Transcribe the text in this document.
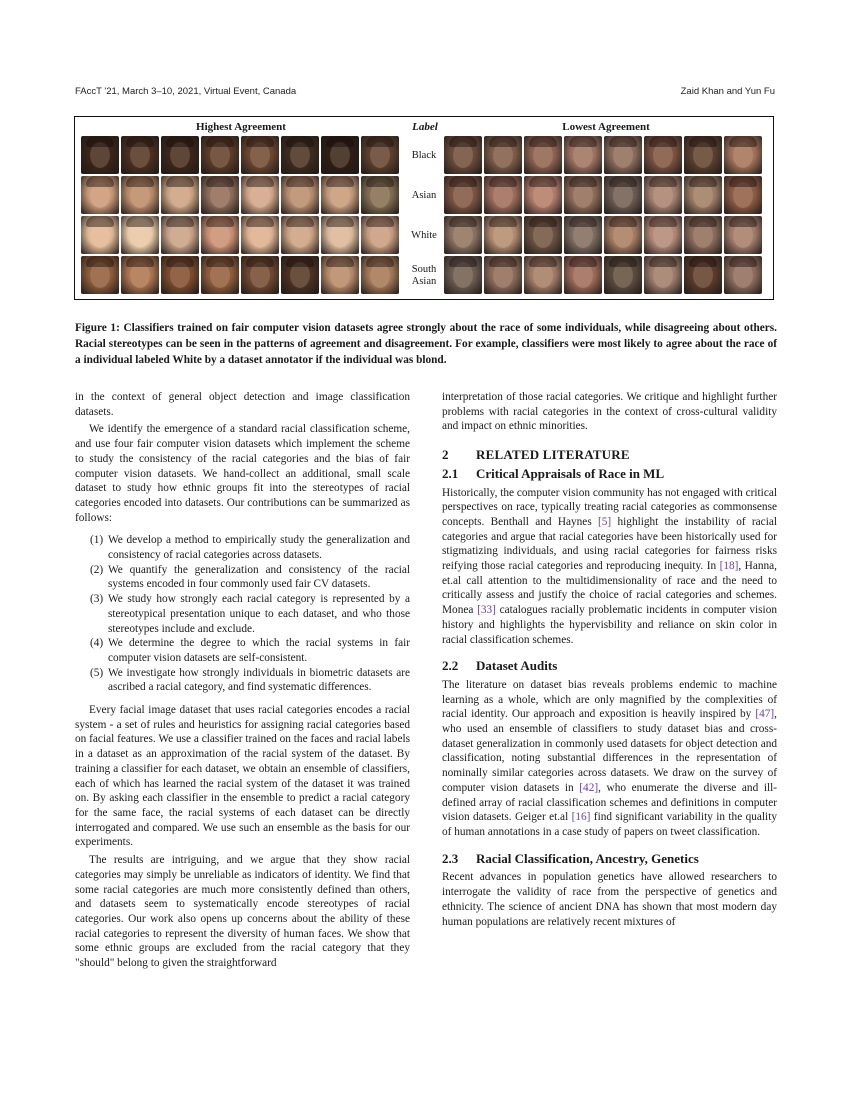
FAccT '21, March 3–10, 2021, Virtual Event, Canada	Zaid Khan and Yun Fu
Highest Agreement	Label	Lowest Agreement
Black
Asian
White
South Asian
Figure 1: Classifiers trained on fair computer vision datasets agree strongly about the race of some individuals, while disagreeing about others. Racial stereotypes can be seen in the patterns of agreement and disagreement. For example, classifiers were most likely to agree about the race of a individual labeled White by a dataset annotator if the individual was blond.

in the context of general object detection and image classification datasets.

We identify the emergence of a standard racial classification scheme, and use four fair computer vision datasets which implement the scheme to study the consistency of the racial categories and the bias of fair computer vision datasets. We hand-collect an additional, small scale dataset to study how ethnic groups fit into the stereotypes of racial categories encoded into datasets. Our contributions can be summarized as follows:

(1) We develop a method to empirically study the generalization and consistency of racial categories across datasets.
(2) We quantify the generalization and consistency of the racial systems encoded in four commonly used fair CV datasets.
(3) We study how strongly each racial category is represented by a stereotypical presentation unique to each dataset, and who those stereotypes include and exclude.
(4) We determine the degree to which the racial systems in fair computer vision datasets are self-consistent.
(5) We investigate how strongly individuals in biometric datasets are ascribed a racial category, and find systematic differences.

Every facial image dataset that uses racial categories encodes a racial system - a set of rules and heuristics for assigning racial categories based on facial features. We use a classifier trained on the faces and racial labels in a dataset as an approximation of the racial system of the dataset. By training a classifier for each dataset, we obtain an ensemble of classifiers, each of which has learned the racial system of the dataset it was trained on. By asking each classifier in the ensemble to predict a racial category for the same face, the racial systems of each dataset can be directly interrogated and compared. We use such an ensemble as the basis for our experiments.

The results are intriguing, and we argue that they show racial categories may simply be unreliable as indicators of identity. We find that some racial categories are much more consistently defined than others, and datasets seem to systematically encode stereotypes of racial categories. Our work also opens up concerns about the ability of these racial categories to represent the diversity of human faces. We show that some ethnic groups are excluded from the racial category that they "should" belong to given the straightforward

interpretation of those racial categories. We critique and highlight further problems with racial categories in the context of cross-cultural validity and impact on ethnic minorities.

2 RELATED LITERATURE
2.1 Critical Appraisals of Race in ML

Historically, the computer vision community has not engaged with critical perspectives on race, typically treating racial categories as commonsense concepts. Benthall and Haynes [5] highlight the instability of racial categories and argue that racial categories have been historically used for stigmatizing individuals, and using racial categories for fairness risks reifying those racial categories and reproducing inequity. In [18], Hanna, et.al call attention to the multidimensionality of race and the need to critically assess and justify the choice of racial categories and schemes. Monea [33] catalogues racially problematic incidents in computer vision history and highlights the hypervisbility and reliance on skin color in racial classification schemes.

2.2 Dataset Audits

The literature on dataset bias reveals problems endemic to machine learning as a whole, which are only magnified by the complexities of racial identity. Our approach and exposition is heavily inspired by [47], who used an ensemble of classifiers to study dataset bias and cross-dataset generalization in commonly used datasets for object detection and classification, noting substantial differences in the representation of nominally similar categories across datasets. We draw on the survey of computer vision datasets in [42], who enumerate the diverse and ill-defined array of racial classification schemes and definitions in computer vision datasets. Geiger et.al [16] find significant variability in the quality of human annotations in a case study of papers on tweet classification.

2.3 Racial Classification, Ancestry, Genetics

Recent advances in population genetics have allowed researchers to interrogate the validity of race from the perspective of genetics and ethnicity. The science of ancient DNA has shown that most modern day human populations are relatively recent mixtures of
